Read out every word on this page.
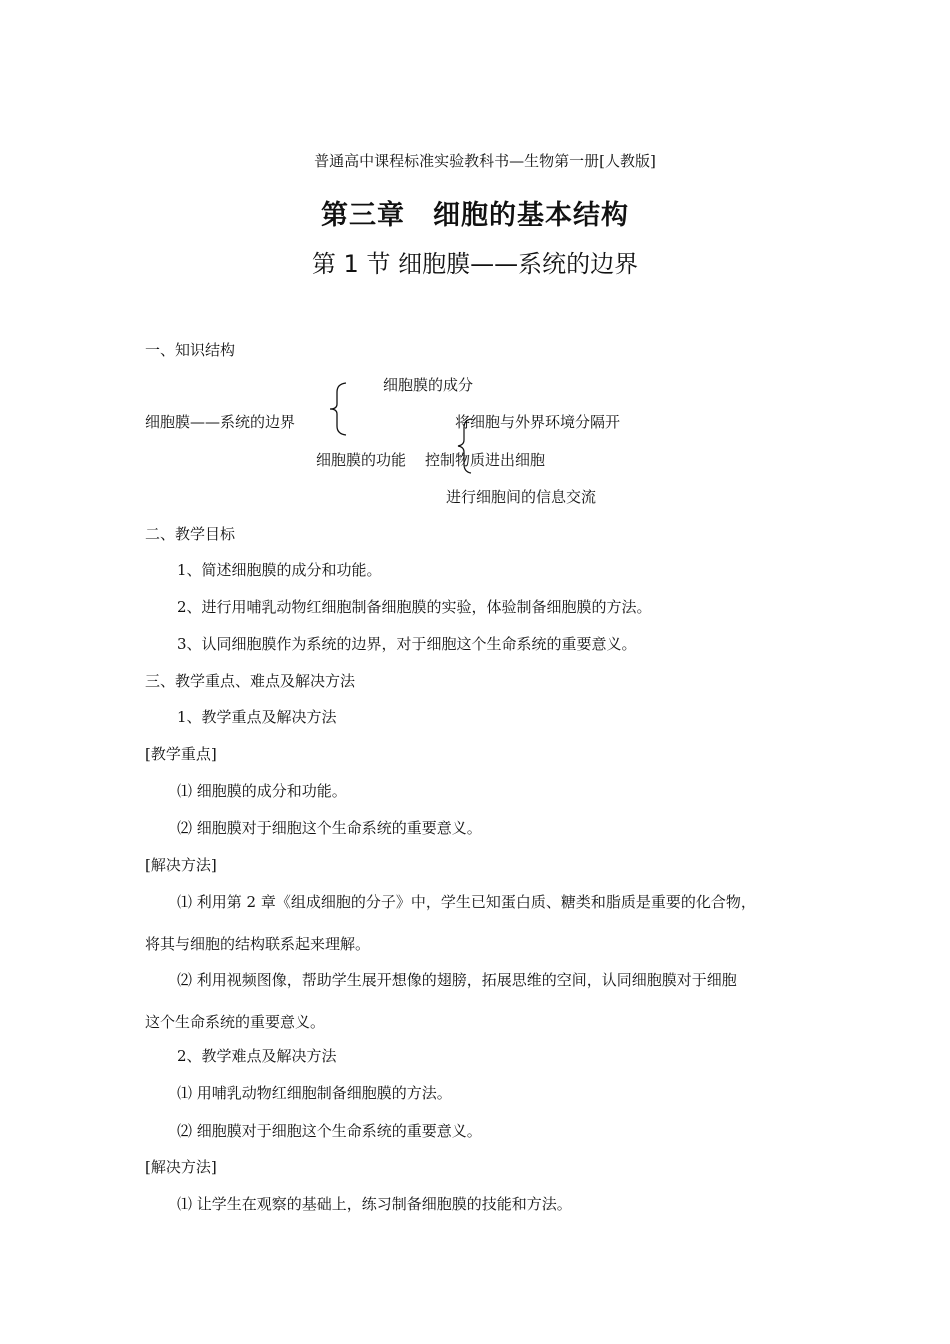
普通高中课程标准实验教科书—生物第一册[人教版]
第三章　细胞的基本结构
第 1 节 细胞膜——系统的边界
一、知识结构
细胞膜——系统的边界
细胞膜的成分
细胞膜的功能
将细胞与外界环境分隔开
控制物质进出细胞
进行细胞间的信息交流
二、教学目标
1、简述细胞膜的成分和功能。
2、进行用哺乳动物红细胞制备细胞膜的实验，体验制备细胞膜的方法。
3、认同细胞膜作为系统的边界，对于细胞这个生命系统的重要意义。
三、教学重点、难点及解决方法
1、教学重点及解决方法
[教学重点]
⑴ 细胞膜的成分和功能。
⑵ 细胞膜对于细胞这个生命系统的重要意义。
[解决方法]
⑴ 利用第 2 章《组成细胞的分子》中，学生已知蛋白质、糖类和脂质是重要的化合物，
将其与细胞的结构联系起来理解。
⑵ 利用视频图像，帮助学生展开想像的翅膀，拓展思维的空间，认同细胞膜对于细胞
这个生命系统的重要意义。
2、教学难点及解决方法
⑴ 用哺乳动物红细胞制备细胞膜的方法。
⑵ 细胞膜对于细胞这个生命系统的重要意义。
[解决方法]
⑴ 让学生在观察的基础上，练习制备细胞膜的技能和方法。
